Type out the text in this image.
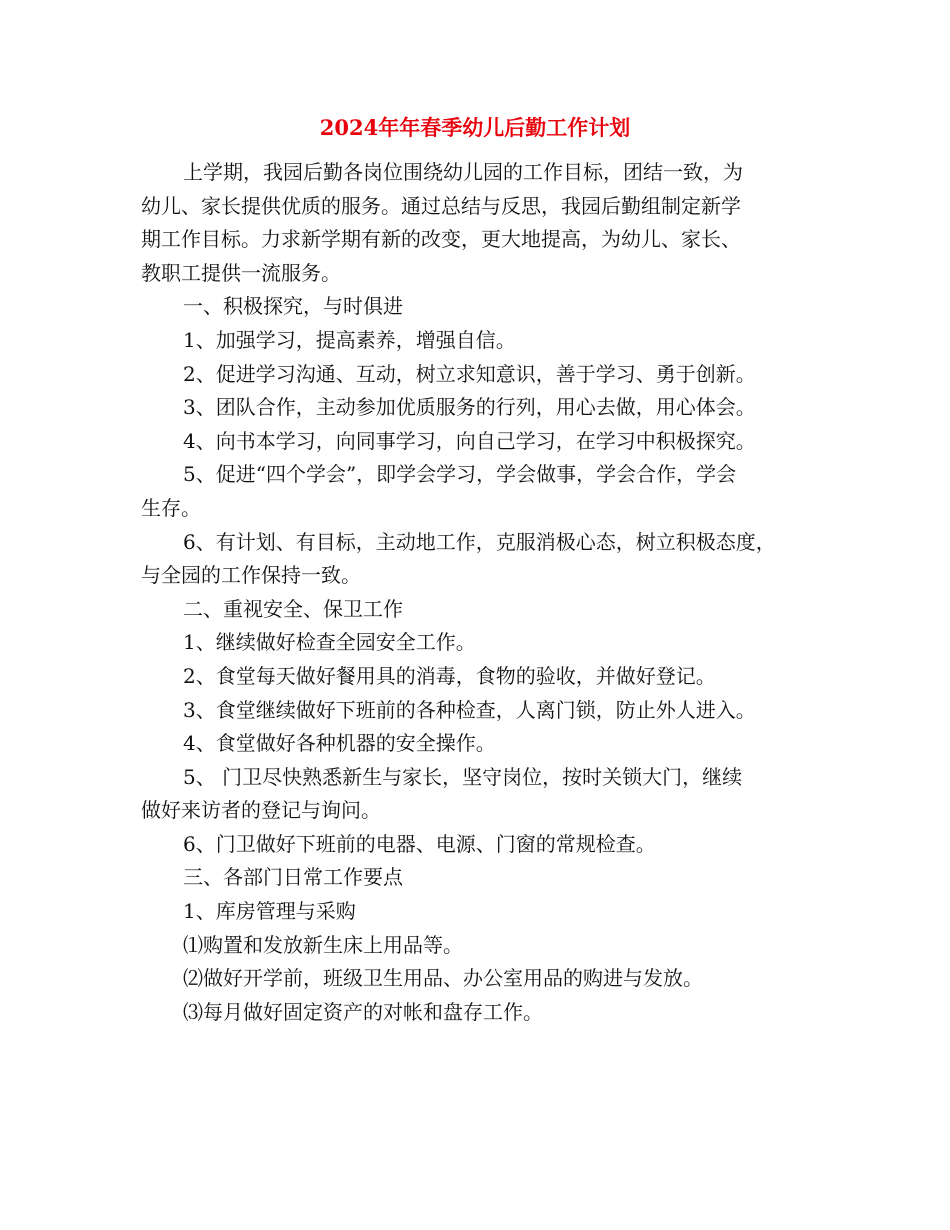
2024年年春季幼儿后勤工作计划
上学期，我园后勤各岗位围绕幼儿园的工作目标，团结一致，为
幼儿、家长提供优质的服务。通过总结与反思，我园后勤组制定新学
期工作目标。力求新学期有新的改变，更大地提高，为幼儿、家长、
教职工提供一流服务。
一、积极探究，与时俱进
1、加强学习，提高素养，增强自信。
2、促进学习沟通、互动，树立求知意识，善于学习、勇于创新。
3、团队合作，主动参加优质服务的行列，用心去做，用心体会。
4、向书本学习，向同事学习，向自己学习，在学习中积极探究。
5、促进“四个学会”，即学会学习，学会做事，学会合作，学会
生存。
6、有计划、有目标，主动地工作，克服消极心态，树立积极态度，
与全园的工作保持一致。
二、重视安全、保卫工作
1、继续做好检查全园安全工作。
2、食堂每天做好餐用具的消毒，食物的验收，并做好登记。
3、食堂继续做好下班前的各种检查，人离门锁，防止外人进入。
4、食堂做好各种机器的安全操作。
5、 门卫尽快熟悉新生与家长，坚守岗位，按时关锁大门，继续
做好来访者的登记与询问。
6、门卫做好下班前的电器、电源、门窗的常规检查。
三、各部门日常工作要点
1、库房管理与采购
⑴购置和发放新生床上用品等。
⑵做好开学前，班级卫生用品、办公室用品的购进与发放。
⑶每月做好固定资产的对帐和盘存工作。
